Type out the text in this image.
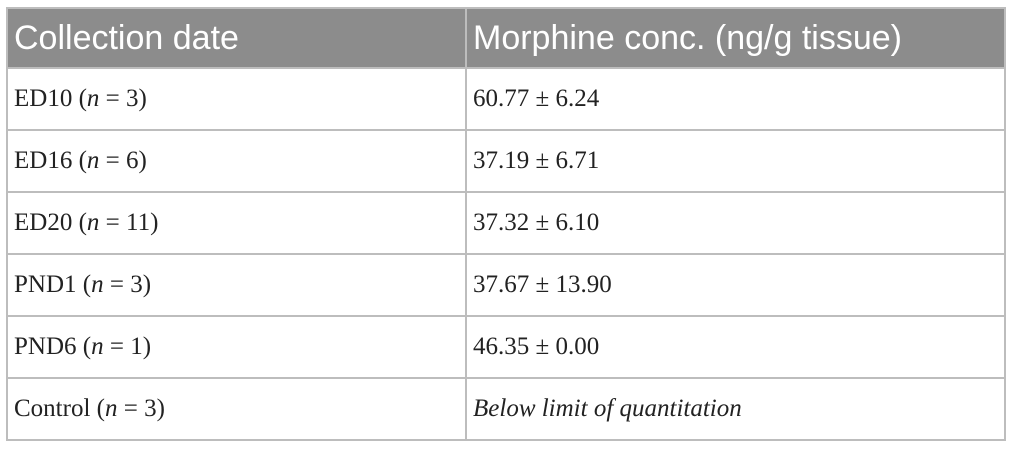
Collection date	Morphine conc. (ng/g tissue)
ED10 (n = 3)	60.77 ± 6.24
ED16 (n = 6)	37.19 ± 6.71
ED20 (n = 11)	37.32 ± 6.10
PND1 (n = 3)	37.67 ± 13.90
PND6 (n = 1)	46.35 ± 0.00
Control (n = 3)	Below limit of quantitation
